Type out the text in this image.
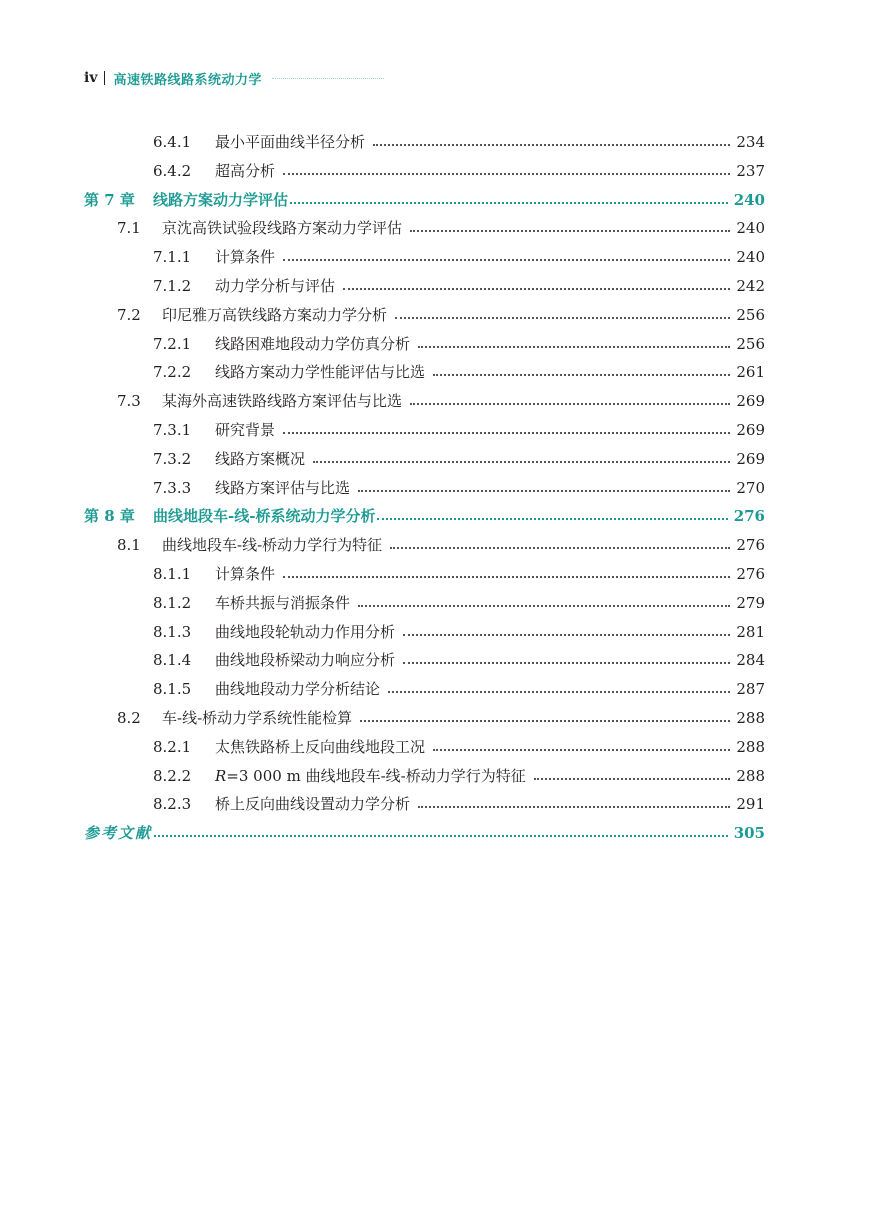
iv 高速铁路线路系统动力学
6.4.1 最小平面曲线半径分析	234
6.4.2 超高分析	237
第 7 章 线路方案动力学评估	240
7.1 京沈高铁试验段线路方案动力学评估	240
7.1.1 计算条件	240
7.1.2 动力学分析与评估	242
7.2 印尼雅万高铁线路方案动力学分析	256
7.2.1 线路困难地段动力学仿真分析	256
7.2.2 线路方案动力学性能评估与比选	261
7.3 某海外高速铁路线路方案评估与比选	269
7.3.1 研究背景	269
7.3.2 线路方案概况	269
7.3.3 线路方案评估与比选	270
第 8 章 曲线地段车-线-桥系统动力学分析	276
8.1 曲线地段车-线-桥动力学行为特征	276
8.1.1 计算条件	276
8.1.2 车桥共振与消振条件	279
8.1.3 曲线地段轮轨动力作用分析	281
8.1.4 曲线地段桥梁动力响应分析	284
8.1.5 曲线地段动力学分析结论	287
8.2 车-线-桥动力学系统性能检算	288
8.2.1 太焦铁路桥上反向曲线地段工况	288
8.2.2 R=3 000 m 曲线地段车-线-桥动力学行为特征	288
8.2.3 桥上反向曲线设置动力学分析	291
参考文献	305
